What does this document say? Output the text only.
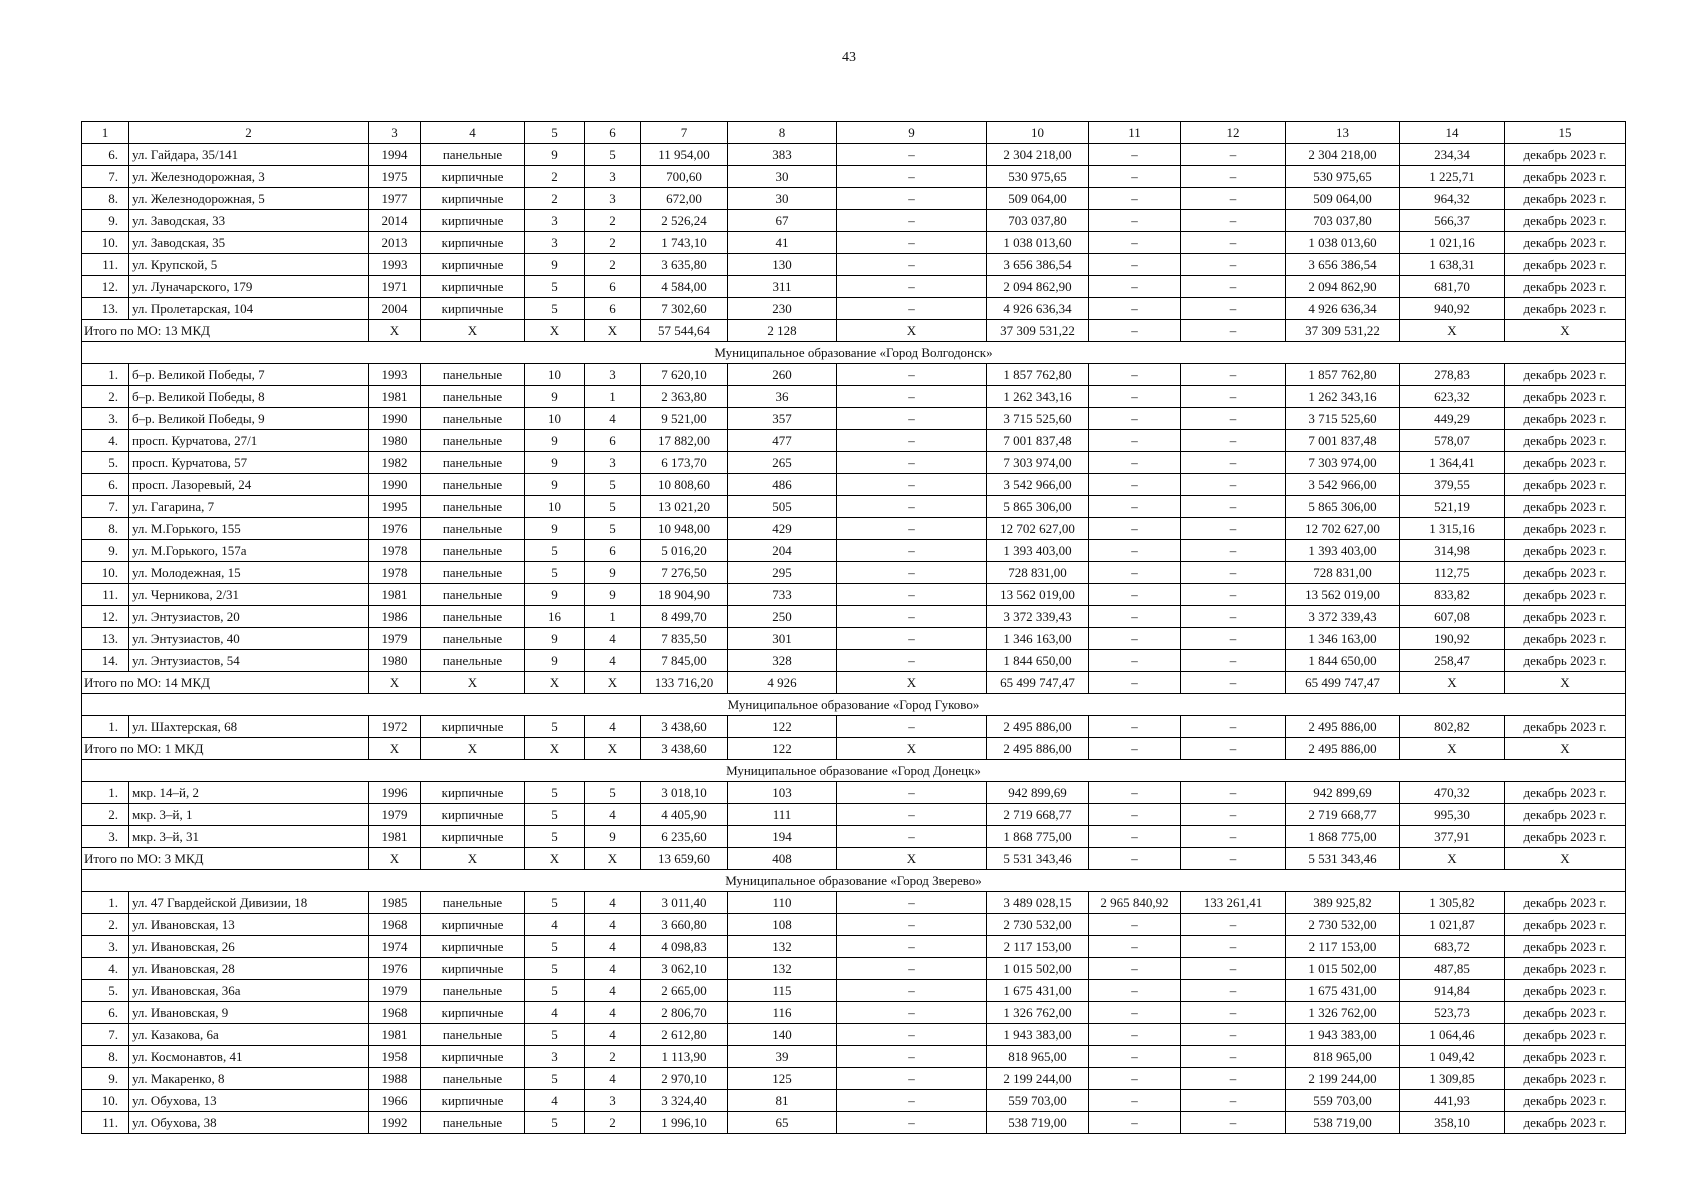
43
1	2	3	4	5	6	7	8	9	10	11	12	13	14	15
6.	ул. Гайдара, 35/141	1994	панельные	9	5	11 954,00	383	–	2 304 218,00	–	–	2 304 218,00	234,34	декабрь 2023 г.
7.	ул. Железнодорожная, 3	1975	кирпичные	2	3	700,60	30	–	530 975,65	–	–	530 975,65	1 225,71	декабрь 2023 г.
8.	ул. Железнодорожная, 5	1977	кирпичные	2	3	672,00	30	–	509 064,00	–	–	509 064,00	964,32	декабрь 2023 г.
9.	ул. Заводская, 33	2014	кирпичные	3	2	2 526,24	67	–	703 037,80	–	–	703 037,80	566,37	декабрь 2023 г.
10.	ул. Заводская, 35	2013	кирпичные	3	2	1 743,10	41	–	1 038 013,60	–	–	1 038 013,60	1 021,16	декабрь 2023 г.
11.	ул. Крупской, 5	1993	кирпичные	9	2	3 635,80	130	–	3 656 386,54	–	–	3 656 386,54	1 638,31	декабрь 2023 г.
12.	ул. Луначарского, 179	1971	кирпичные	5	6	4 584,00	311	–	2 094 862,90	–	–	2 094 862,90	681,70	декабрь 2023 г.
13.	ул. Пролетарская, 104	2004	кирпичные	5	6	7 302,60	230	–	4 926 636,34	–	–	4 926 636,34	940,92	декабрь 2023 г.
Итого по МО: 13 МКД		Х	Х	Х	Х	57 544,64	2 128	Х	37 309 531,22	–	–	37 309 531,22	Х	Х
Муниципальное образование «Город Волгодонск»														
1.	б–р. Великой Победы, 7	1993	панельные	10	3	7 620,10	260	–	1 857 762,80	–	–	1 857 762,80	278,83	декабрь 2023 г.
2.	б–р. Великой Победы, 8	1981	панельные	9	1	2 363,80	36	–	1 262 343,16	–	–	1 262 343,16	623,32	декабрь 2023 г.
3.	б–р. Великой Победы, 9	1990	панельные	10	4	9 521,00	357	–	3 715 525,60	–	–	3 715 525,60	449,29	декабрь 2023 г.
4.	просп. Курчатова, 27/1	1980	панельные	9	6	17 882,00	477	–	7 001 837,48	–	–	7 001 837,48	578,07	декабрь 2023 г.
5.	просп. Курчатова, 57	1982	панельные	9	3	6 173,70	265	–	7 303 974,00	–	–	7 303 974,00	1 364,41	декабрь 2023 г.
6.	просп. Лазоревый, 24	1990	панельные	9	5	10 808,60	486	–	3 542 966,00	–	–	3 542 966,00	379,55	декабрь 2023 г.
7.	ул. Гагарина, 7	1995	панельные	10	5	13 021,20	505	–	5 865 306,00	–	–	5 865 306,00	521,19	декабрь 2023 г.
8.	ул. М.Горького, 155	1976	панельные	9	5	10 948,00	429	–	12 702 627,00	–	–	12 702 627,00	1 315,16	декабрь 2023 г.
9.	ул. М.Горького, 157а	1978	панельные	5	6	5 016,20	204	–	1 393 403,00	–	–	1 393 403,00	314,98	декабрь 2023 г.
10.	ул. Молодежная, 15	1978	панельные	5	9	7 276,50	295	–	728 831,00	–	–	728 831,00	112,75	декабрь 2023 г.
11.	ул. Черникова, 2/31	1981	панельные	9	9	18 904,90	733	–	13 562 019,00	–	–	13 562 019,00	833,82	декабрь 2023 г.
12.	ул. Энтузиастов, 20	1986	панельные	16	1	8 499,70	250	–	3 372 339,43	–	–	3 372 339,43	607,08	декабрь 2023 г.
13.	ул. Энтузиастов, 40	1979	панельные	9	4	7 835,50	301	–	1 346 163,00	–	–	1 346 163,00	190,92	декабрь 2023 г.
14.	ул. Энтузиастов, 54	1980	панельные	9	4	7 845,00	328	–	1 844 650,00	–	–	1 844 650,00	258,47	декабрь 2023 г.
Итого по МО: 14 МКД		Х	Х	Х	Х	133 716,20	4 926	Х	65 499 747,47	–	–	65 499 747,47	Х	Х
Муниципальное образование «Город Гуково»														
1.	ул. Шахтерская, 68	1972	кирпичные	5	4	3 438,60	122	–	2 495 886,00	–	–	2 495 886,00	802,82	декабрь 2023 г.
Итого по МО: 1 МКД		Х	Х	Х	Х	3 438,60	122	Х	2 495 886,00	–	–	2 495 886,00	Х	Х
Муниципальное образование «Город Донецк»														
1.	мкр. 14–й, 2	1996	кирпичные	5	5	3 018,10	103	–	942 899,69	–	–	942 899,69	470,32	декабрь 2023 г.
2.	мкр. 3–й, 1	1979	кирпичные	5	4	4 405,90	111	–	2 719 668,77	–	–	2 719 668,77	995,30	декабрь 2023 г.
3.	мкр. 3–й, 31	1981	кирпичные	5	9	6 235,60	194	–	1 868 775,00	–	–	1 868 775,00	377,91	декабрь 2023 г.
Итого по МО: 3 МКД		Х	Х	Х	Х	13 659,60	408	Х	5 531 343,46	–	–	5 531 343,46	Х	Х
Муниципальное образование «Город Зверево»														
1.	ул. 47 Гвардейской Дивизии, 18	1985	панельные	5	4	3 011,40	110	–	3 489 028,15	2 965 840,92	133 261,41	389 925,82	1 305,82	декабрь 2023 г.
2.	ул. Ивановская, 13	1968	кирпичные	4	4	3 660,80	108	–	2 730 532,00	–	–	2 730 532,00	1 021,87	декабрь 2023 г.
3.	ул. Ивановская, 26	1974	кирпичные	5	4	4 098,83	132	–	2 117 153,00	–	–	2 117 153,00	683,72	декабрь 2023 г.
4.	ул. Ивановская, 28	1976	кирпичные	5	4	3 062,10	132	–	1 015 502,00	–	–	1 015 502,00	487,85	декабрь 2023 г.
5.	ул. Ивановская, 36а	1979	панельные	5	4	2 665,00	115	–	1 675 431,00	–	–	1 675 431,00	914,84	декабрь 2023 г.
6.	ул. Ивановская, 9	1968	кирпичные	4	4	2 806,70	116	–	1 326 762,00	–	–	1 326 762,00	523,73	декабрь 2023 г.
7.	ул. Казакова, 6а	1981	панельные	5	4	2 612,80	140	–	1 943 383,00	–	–	1 943 383,00	1 064,46	декабрь 2023 г.
8.	ул. Космонавтов, 41	1958	кирпичные	3	2	1 113,90	39	–	818 965,00	–	–	818 965,00	1 049,42	декабрь 2023 г.
9.	ул. Макаренко, 8	1988	панельные	5	4	2 970,10	125	–	2 199 244,00	–	–	2 199 244,00	1 309,85	декабрь 2023 г.
10.	ул. Обухова, 13	1966	кирпичные	4	3	3 324,40	81	–	559 703,00	–	–	559 703,00	441,93	декабрь 2023 г.
11.	ул. Обухова, 38	1992	панельные	5	2	1 996,10	65	–	538 719,00	–	–	538 719,00	358,10	декабрь 2023 г.
